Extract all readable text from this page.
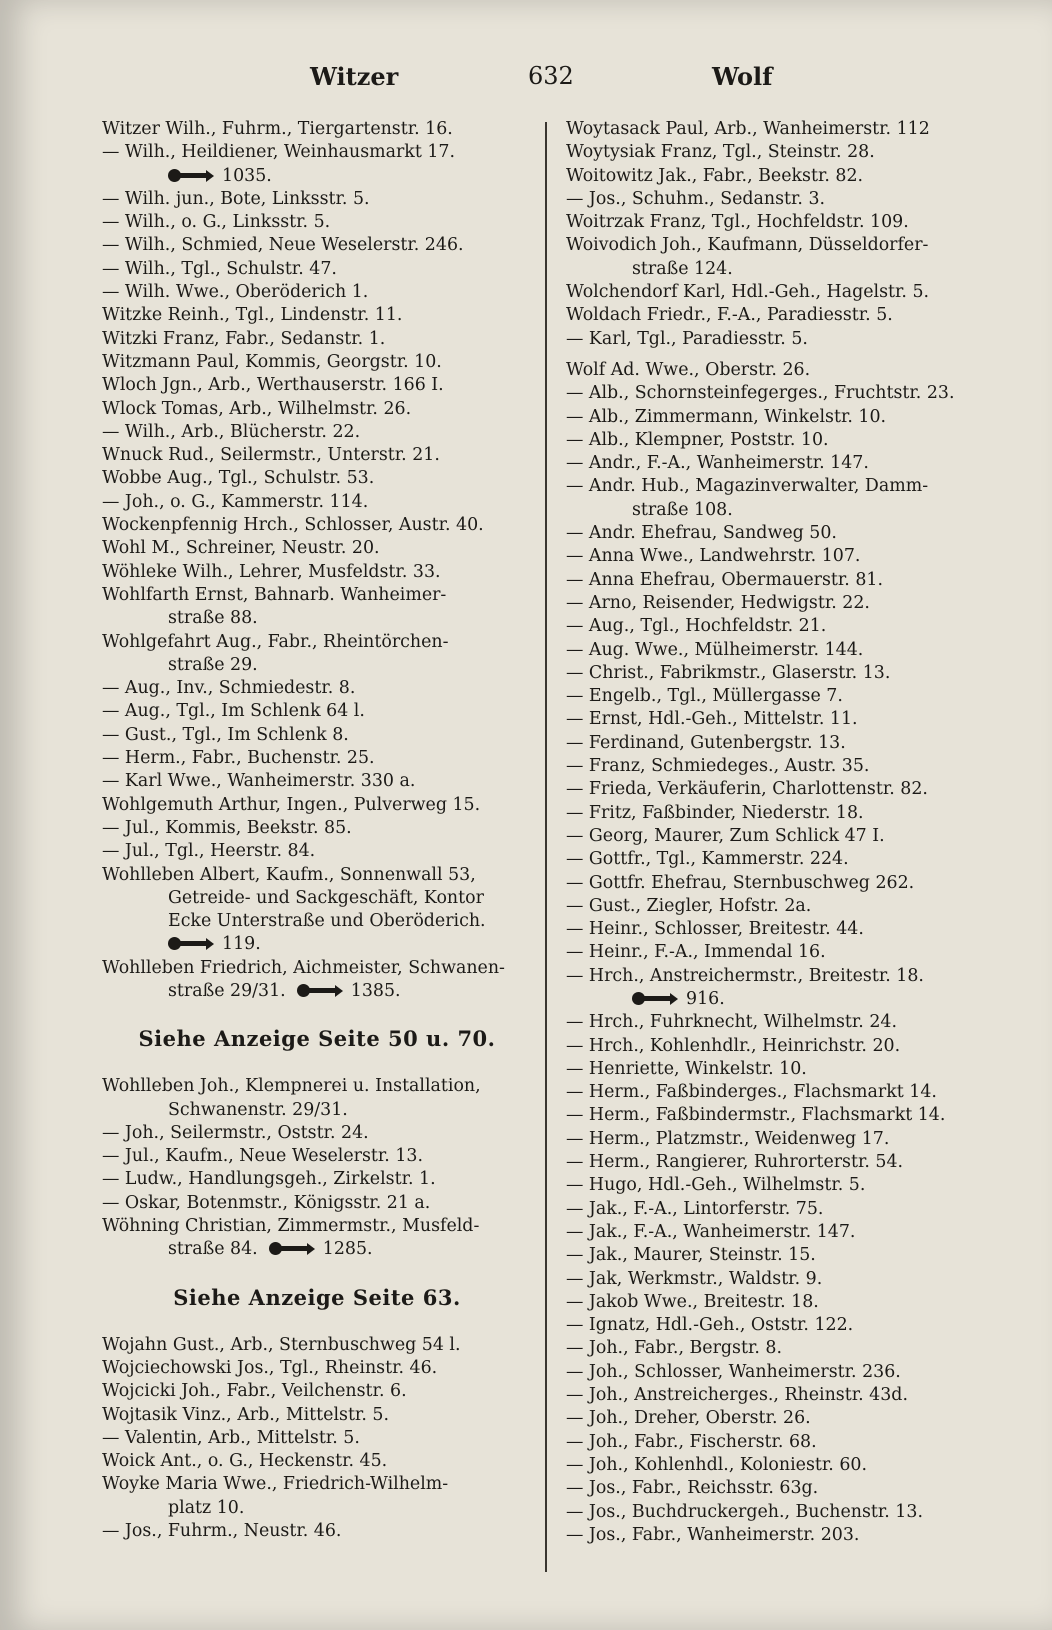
Witzer	632	Wolf
Witzer Wilh., Fuhrm., Tiergartenstr. 16.
— Wilh., Heildiener, Weinhausmarkt 17.
1035.
— Wilh. jun., Bote, Linksstr. 5.
— Wilh., o. G., Linksstr. 5.
— Wilh., Schmied, Neue Weselerstr. 246.
— Wilh., Tgl., Schulstr. 47.
— Wilh. Wwe., Oberöderich 1.
Witzke Reinh., Tgl., Lindenstr. 11.
Witzki Franz, Fabr., Sedanstr. 1.
Witzmann Paul, Kommis, Georgstr. 10.
Wloch Jgn., Arb., Werthauserstr. 166 I.
Wlock Tomas, Arb., Wilhelmstr. 26.
— Wilh., Arb., Blücherstr. 22.
Wnuck Rud., Seilermstr., Unterstr. 21.
Wobbe Aug., Tgl., Schulstr. 53.
— Joh., o. G., Kammerstr. 114.
Wockenpfennig Hrch., Schlosser, Austr. 40.
Wohl M., Schreiner, Neustr. 20.
Wöhleke Wilh., Lehrer, Musfeldstr. 33.
Wohlfarth Ernst, Bahnarb. Wanheimer-
straße 88.
Wohlgefahrt Aug., Fabr., Rheintörchen-
straße 29.
— Aug., Inv., Schmiedestr. 8.
— Aug., Tgl., Im Schlenk 64 l.
— Gust., Tgl., Im Schlenk 8.
— Herm., Fabr., Buchenstr. 25.
— Karl Wwe., Wanheimerstr. 330 a.
Wohlgemuth Arthur, Ingen., Pulverweg 15.
— Jul., Kommis, Beekstr. 85.
— Jul., Tgl., Heerstr. 84.
Wohlleben Albert, Kaufm., Sonnenwall 53,
Getreide- und Sackgeschäft, Kontor
Ecke Unterstraße und Oberöderich.
119.
Wohlleben Friedrich, Aichmeister, Schwanen-
straße 29/31.	1385.
Siehe Anzeige Seite 50 u. 70.
Wohlleben Joh., Klempnerei u. Installation,
Schwanenstr. 29/31.
— Joh., Seilermstr., Oststr. 24.
— Jul., Kaufm., Neue Weselerstr. 13.
— Ludw., Handlungsgeh., Zirkelstr. 1.
— Oskar, Botenmstr., Königsstr. 21 a.
Wöhning Christian, Zimmermstr., Musfeld-
straße 84.	1285.
Siehe Anzeige Seite 63.
Wojahn Gust., Arb., Sternbuschweg 54 l.
Wojciechowski Jos., Tgl., Rheinstr. 46.
Wojcicki Joh., Fabr., Veilchenstr. 6.
Wojtasik Vinz., Arb., Mittelstr. 5.
— Valentin, Arb., Mittelstr. 5.
Woick Ant., o. G., Heckenstr. 45.
Woyke Maria Wwe., Friedrich-Wilhelm-
platz 10.
— Jos., Fuhrm., Neustr. 46.
Woytasack Paul, Arb., Wanheimerstr. 112
Woytysiak Franz, Tgl., Steinstr. 28.
Woitowitz Jak., Fabr., Beekstr. 82.
— Jos., Schuhm., Sedanstr. 3.
Woitrzak Franz, Tgl., Hochfeldstr. 109.
Woivodich Joh., Kaufmann, Düsseldorfer-
straße 124.
Wolchendorf Karl, Hdl.-Geh., Hagelstr. 5.
Woldach Friedr., F.-A., Paradiesstr. 5.
— Karl, Tgl., Paradiesstr. 5.
Wolf Ad. Wwe., Oberstr. 26.
— Alb., Schornsteinfegerges., Fruchtstr. 23.
— Alb., Zimmermann, Winkelstr. 10.
— Alb., Klempner, Poststr. 10.
— Andr., F.-A., Wanheimerstr. 147.
— Andr. Hub., Magazinverwalter, Damm-
straße 108.
— Andr. Ehefrau, Sandweg 50.
— Anna Wwe., Landwehrstr. 107.
— Anna Ehefrau, Obermauerstr. 81.
— Arno, Reisender, Hedwigstr. 22.
— Aug., Tgl., Hochfeldstr. 21.
— Aug. Wwe., Mülheimerstr. 144.
— Christ., Fabrikmstr., Glaserstr. 13.
— Engelb., Tgl., Müllergasse 7.
— Ernst, Hdl.-Geh., Mittelstr. 11.
— Ferdinand, Gutenbergstr. 13.
— Franz, Schmiedeges., Austr. 35.
— Frieda, Verkäuferin, Charlottenstr. 82.
— Fritz, Faßbinder, Niederstr. 18.
— Georg, Maurer, Zum Schlick 47 I.
— Gottfr., Tgl., Kammerstr. 224.
— Gottfr. Ehefrau, Sternbuschweg 262.
— Gust., Ziegler, Hofstr. 2a.
— Heinr., Schlosser, Breitestr. 44.
— Heinr., F.-A., Immendal 16.
— Hrch., Anstreichermstr., Breitestr. 18.
916.
— Hrch., Fuhrknecht, Wilhelmstr. 24.
— Hrch., Kohlenhdlr., Heinrichstr. 20.
— Henriette, Winkelstr. 10.
— Herm., Faßbinderges., Flachsmarkt 14.
— Herm., Faßbindermstr., Flachsmarkt 14.
— Herm., Platzmstr., Weidenweg 17.
— Herm., Rangierer, Ruhrorterstr. 54.
— Hugo, Hdl.-Geh., Wilhelmstr. 5.
— Jak., F.-A., Lintorferstr. 75.
— Jak., F.-A., Wanheimerstr. 147.
— Jak., Maurer, Steinstr. 15.
— Jak, Werkmstr., Waldstr. 9.
— Jakob Wwe., Breitestr. 18.
— Ignatz, Hdl.-Geh., Oststr. 122.
— Joh., Fabr., Bergstr. 8.
— Joh., Schlosser, Wanheimerstr. 236.
— Joh., Anstreicherges., Rheinstr. 43d.
— Joh., Dreher, Oberstr. 26.
— Joh., Fabr., Fischerstr. 68.
— Joh., Kohlenhdl., Koloniestr. 60.
— Jos., Fabr., Reichsstr. 63g.
— Jos., Buchdruckergeh., Buchenstr. 13.
— Jos., Fabr., Wanheimerstr. 203.
